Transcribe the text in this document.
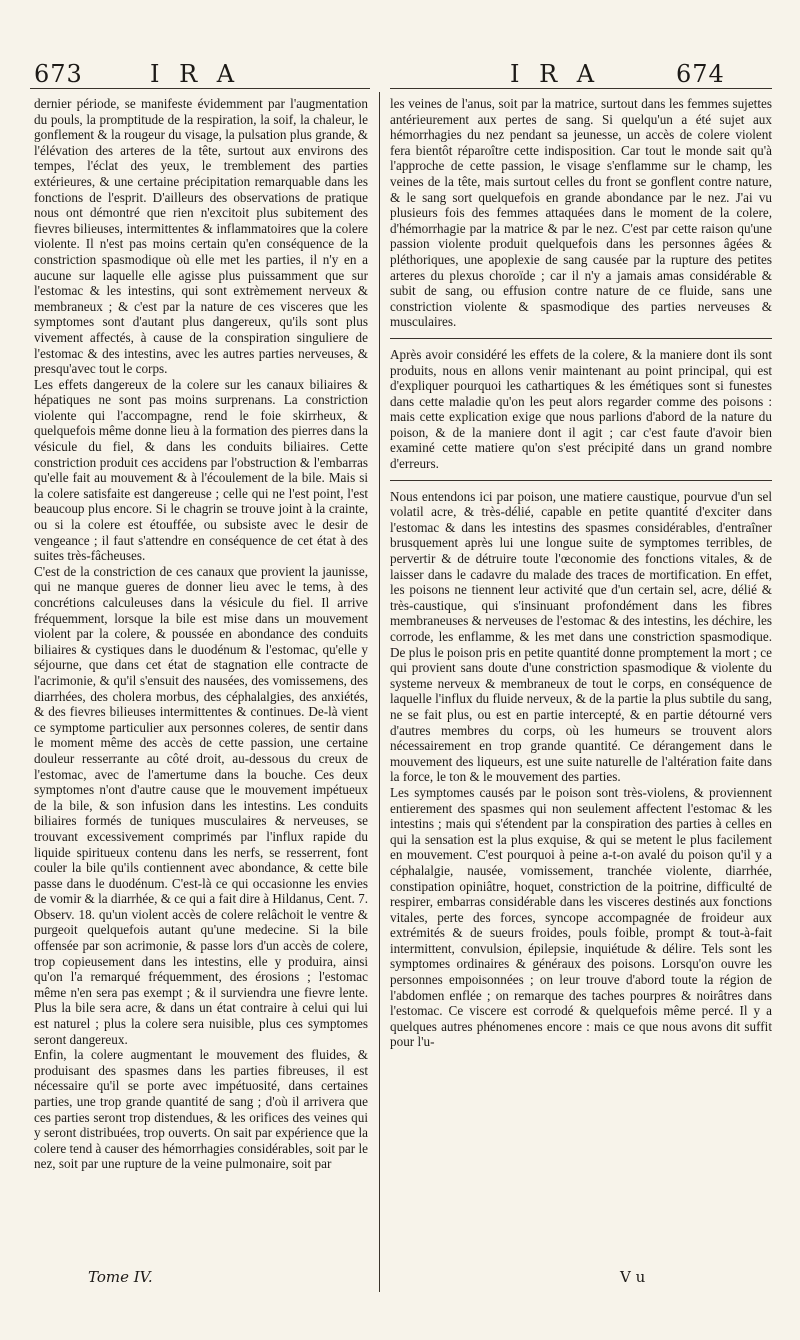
673	I R A	I R A	674

dernier période, se manifeste évidemment par l'augmentation du pouls, la promptitude de la respiration, la soif, la chaleur, le gonflement & la rougeur du visage, la pulsation plus grande, & l'élévation des arteres de la tête, surtout aux environs des tempes, l'éclat des yeux, le tremblement des parties extérieures, & une certaine précipitation remarquable dans les fonctions de l'esprit. D'ailleurs des observations de pratique nous ont démontré que rien n'excitoit plus subitement des fievres bilieuses, intermittentes & inflammatoires que la colere violente. Il n'est pas moins certain qu'en conséquence de la constriction spasmodique où elle met les parties, il n'y en a aucune sur laquelle elle agisse plus puissamment que sur l'estomac & les intestins, qui sont extrèmement nerveux & membraneux ; & c'est par la nature de ces visceres que les symptomes sont d'autant plus dangereux, qu'ils sont plus vivement affectés, à cause de la conspiration singuliere de l'estomac & des intestins, avec les autres parties nerveuses, & presqu'avec tout le corps.

Les effets dangereux de la colere sur les canaux biliaires & hépatiques ne sont pas moins surprenans. La constriction violente qui l'accompagne, rend le foie skirrheux, & quelquefois même donne lieu à la formation des pierres dans la vésicule du fiel, & dans les conduits biliaires. Cette constriction produit ces accidens par l'obstruction & l'embarras qu'elle fait au mouvement & à l'écoulement de la bile. Mais si la colere satisfaite est dangereuse ; celle qui ne l'est point, l'est beaucoup plus encore. Si le chagrin se trouve joint à la crainte, ou si la colere est étouffée, ou subsiste avec le desir de vengeance ; il faut s'attendre en conséquence de cet état à des suites très-fâcheuses.

C'est de la constriction de ces canaux que provient la jaunisse, qui ne manque gueres de donner lieu avec le tems, à des concrétions calculeuses dans la vésicule du fiel. Il arrive fréquemment, lorsque la bile est mise dans un mouvement violent par la colere, & poussée en abondance des conduits biliaires & cystiques dans le duodénum & l'estomac, qu'elle y séjourne, que dans cet état de stagnation elle contracte de l'acrimonie, & qu'il s'ensuit des nausées, des vomissemens, des diarrhées, des cholera morbus, des céphalalgies, des anxiétés, & des fievres bilieuses intermittentes & continues. De-là vient ce symptome particulier aux personnes coleres, de sentir dans le moment même des accès de cette passion, une certaine douleur resserrante au côté droit, au-dessous du creux de l'estomac, avec de l'amertume dans la bouche. Ces deux symptomes n'ont d'autre cause que le mouvement impétueux de la bile, & son infusion dans les intestins. Les conduits biliaires formés de tuniques musculaires & nerveuses, se trouvant excessivement comprimés par l'influx rapide du liquide spiritueux contenu dans les nerfs, se resserrent, font couler la bile qu'ils contiennent avec abondance, & cette bile passe dans le duodénum. C'est-là ce qui occasionne les envies de vomir & la diarrhée, & ce qui a fait dire à Hildanus, Cent. 7. Observ. 18. qu'un violent accès de colere relâchoit le ventre & purgeoit quelquefois autant qu'une medecine. Si la bile offensée par son acrimonie, & passe lors d'un accès de colere, trop copieusement dans les intestins, elle y produira, ainsi qu'on l'a remarqué fréquemment, des érosions ; l'estomac même n'en sera pas exempt ; & il surviendra une fievre lente. Plus la bile sera acre, & dans un état contraire à celui qui lui est naturel ; plus la colere sera nuisible, plus ces symptomes seront dangereux.

Enfin, la colere augmentant le mouvement des fluides, & produisant des spasmes dans les parties fibreuses, il est nécessaire qu'il se porte avec impétuosité, dans certaines parties, une trop grande quantité de sang ; d'où il arrivera que ces parties seront trop distendues, & les orifices des veines qui y seront distribuées, trop ouverts. On sait par expérience que la colere tend à causer des hémorrhagies considérables, soit par le nez, soit par une rupture de la veine pulmonaire, soit par

les veines de l'anus, soit par la matrice, surtout dans les femmes sujettes antérieurement aux pertes de sang. Si quelqu'un a été sujet aux hémorrhagies du nez pendant sa jeunesse, un accès de colere violent fera bientôt réparoître cette indisposition. Car tout le monde sait qu'à l'approche de cette passion, le visage s'enflamme sur le champ, les veines de la tête, mais surtout celles du front se gonflent contre nature, & le sang sort quelquefois en grande abondance par le nez. J'ai vu plusieurs fois des femmes attaquées dans le moment de la colere, d'hémorrhagie par la matrice & par le nez. C'est par cette raison qu'une passion violente produit quelquefois dans les personnes âgées & pléthoriques, une apoplexie de sang causée par la rupture des petites arteres du plexus choroïde ; car il n'y a jamais amas considérable & subit de sang, ou effusion contre nature de ce fluide, sans une constriction violente & spasmodique des parties nerveuses & musculaires.

Après avoir considéré les effets de la colere, & la maniere dont ils sont produits, nous en allons venir maintenant au point principal, qui est d'expliquer pourquoi les cathartiques & les émétiques sont si funestes dans cette maladie qu'on les peut alors regarder comme des poisons : mais cette explication exige que nous parlions d'abord de la nature du poison, & de la maniere dont il agit ; car c'est faute d'avoir bien examiné cette matiere qu'on s'est précipité dans un grand nombre d'erreurs.

Nous entendons ici par poison, une matiere caustique, pourvue d'un sel volatil acre, & très-délié, capable en petite quantité d'exciter dans l'estomac & dans les intestins des spasmes considérables, d'entraîner brusquement après lui une longue suite de symptomes terribles, de pervertir & de détruire toute l'œconomie des fonctions vitales, & de laisser dans le cadavre du malade des traces de mortification. En effet, les poisons ne tiennent leur activité que d'un certain sel, acre, délié & très-caustique, qui s'insinuant profondément dans les fibres membraneuses & nerveuses de l'estomac & des intestins, les déchire, les corrode, les enflamme, & les met dans une constriction spasmodique. De plus le poison pris en petite quantité donne promptement la mort ; ce qui provient sans doute d'une constriction spasmodique & violente du systeme nerveux & membraneux de tout le corps, en conséquence de laquelle l'influx du fluide nerveux, & de la partie la plus subtile du sang, ne se fait plus, ou est en partie intercepté, & en partie détourné vers d'autres membres du corps, où les humeurs se trouvent alors nécessairement en trop grande quantité. Ce dérangement dans le mouvement des liqueurs, est une suite naturelle de l'altération faite dans la force, le ton & le mouvement des parties.

Les symptomes causés par le poison sont très-violens, & proviennent entierement des spasmes qui non seulement affectent l'estomac & les intestins ; mais qui s'étendent par la conspiration des parties à celles en qui la sensation est la plus exquise, & qui se metent le plus facilement en mouvement. C'est pourquoi à peine a-t-on avalé du poison qu'il y a céphalalgie, nausée, vomissement, tranchée violente, diarrhée, constipation opiniâtre, hoquet, constriction de la poitrine, difficulté de respirer, embarras considérable dans les visceres destinés aux fonctions vitales, perte des forces, syncope accompagnée de froideur aux extrémités & de sueurs froides, pouls foible, prompt & tout-à-fait intermittent, convulsion, épilepsie, inquiétude & délire. Tels sont les symptomes ordinaires & généraux des poisons. Lorsqu'on ouvre les personnes empoisonnées ; on leur trouve d'abord toute la région de l'abdomen enflée ; on remarque des taches pourpres & noirâtres dans l'estomac. Ce viscere est corrodé & quelquefois même percé. Il y a quelques autres phénomenes encore : mais ce que nous avons dit suffit pour l'u-

Tome IV.	V u
